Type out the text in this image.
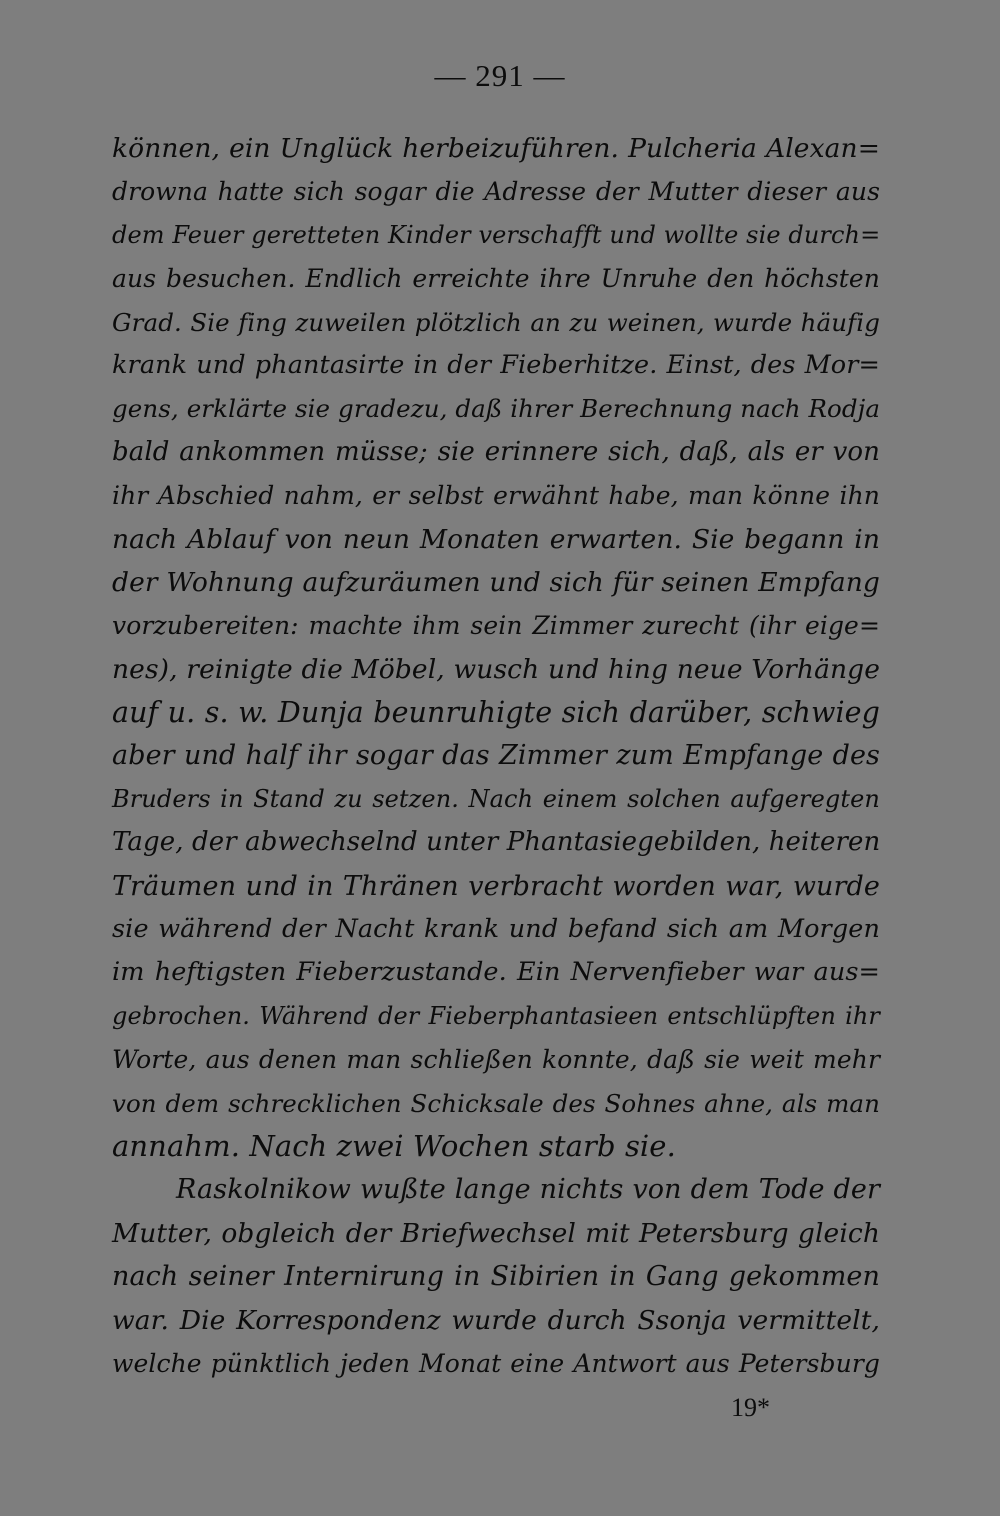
— 291 —
können, ein Unglück herbeizuführen. Pulcheria Alexan=
drowna hatte sich sogar die Adresse der Mutter dieser aus
dem Feuer geretteten Kinder verschafft und wollte sie durch=
aus besuchen. Endlich erreichte ihre Unruhe den höchsten
Grad. Sie fing zuweilen plötzlich an zu weinen, wurde häufig
krank und phantasirte in der Fieberhitze. Einst, des Mor=
gens, erklärte sie gradezu, daß ihrer Berechnung nach Rodja
bald ankommen müsse; sie erinnere sich, daß, als er von
ihr Abschied nahm, er selbst erwähnt habe, man könne ihn
nach Ablauf von neun Monaten erwarten. Sie begann in
der Wohnung aufzuräumen und sich für seinen Empfang
vorzubereiten: machte ihm sein Zimmer zurecht (ihr eige=
nes), reinigte die Möbel, wusch und hing neue Vorhänge
auf u. s. w. Dunja beunruhigte sich darüber, schwieg
aber und half ihr sogar das Zimmer zum Empfange des
Bruders in Stand zu setzen. Nach einem solchen aufgeregten
Tage, der abwechselnd unter Phantasiegebilden, heiteren
Träumen und in Thränen verbracht worden war, wurde
sie während der Nacht krank und befand sich am Morgen
im heftigsten Fieberzustande. Ein Nervenfieber war aus=
gebrochen. Während der Fieberphantasieen entschlüpften ihr
Worte, aus denen man schließen konnte, daß sie weit mehr
von dem schrecklichen Schicksale des Sohnes ahne, als man
annahm. Nach zwei Wochen starb sie.
Raskolnikow wußte lange nichts von dem Tode der
Mutter, obgleich der Briefwechsel mit Petersburg gleich
nach seiner Internirung in Sibirien in Gang gekommen
war. Die Korrespondenz wurde durch Ssonja vermittelt,
welche pünktlich jeden Monat eine Antwort aus Petersburg
19*
